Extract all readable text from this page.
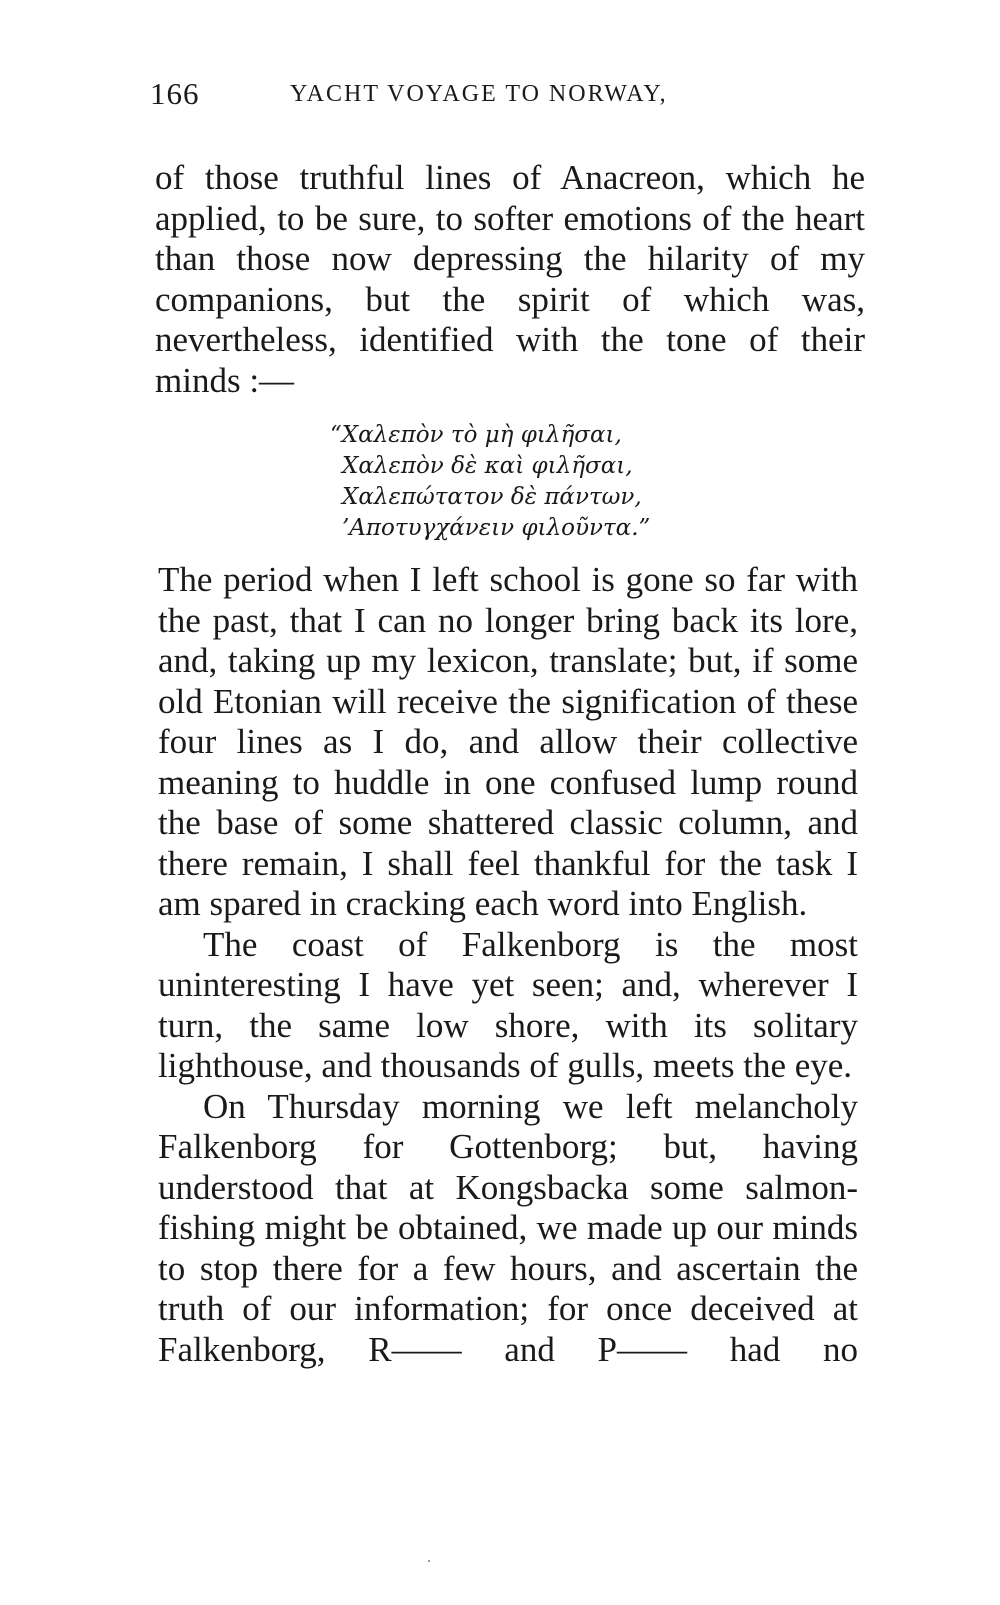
166	YACHT VOYAGE TO NORWAY,

of those truthful lines of Anacreon, which he applied, to be sure, to softer emotions of the heart than those now depressing the hilarity of my companions, but the spirit of which was, nevertheless, identified with the tone of their minds :—

“Χαλεπὸν τὸ μὴ φιλῆσαι,
Χαλεπὸν δὲ καὶ φιλῆσαι,
Χαλεπώτατον δὲ πάντων,
’Αποτυγχάνειν φιλοῦντα.”

The period when I left school is gone so far with the past, that I can no longer bring back its lore, and, taking up my lexicon, translate; but, if some old Etonian will receive the signification of these four lines as I do, and allow their collective meaning to huddle in one confused lump round the base of some shattered classic column, and there remain, I shall feel thankful for the task I am spared in cracking each word into English.

The coast of Falkenborg is the most uninteresting I have yet seen; and, wherever I turn, the same low shore, with its solitary lighthouse, and thousands of gulls, meets the eye.

On Thursday morning we left melancholy Falkenborg for Gottenborg; but, having understood that at Kongsbacka some salmon-fishing might be obtained, we made up our minds to stop there for a few hours, and ascertain the truth of our information; for once deceived at Falkenborg, R—— and P—— had no
